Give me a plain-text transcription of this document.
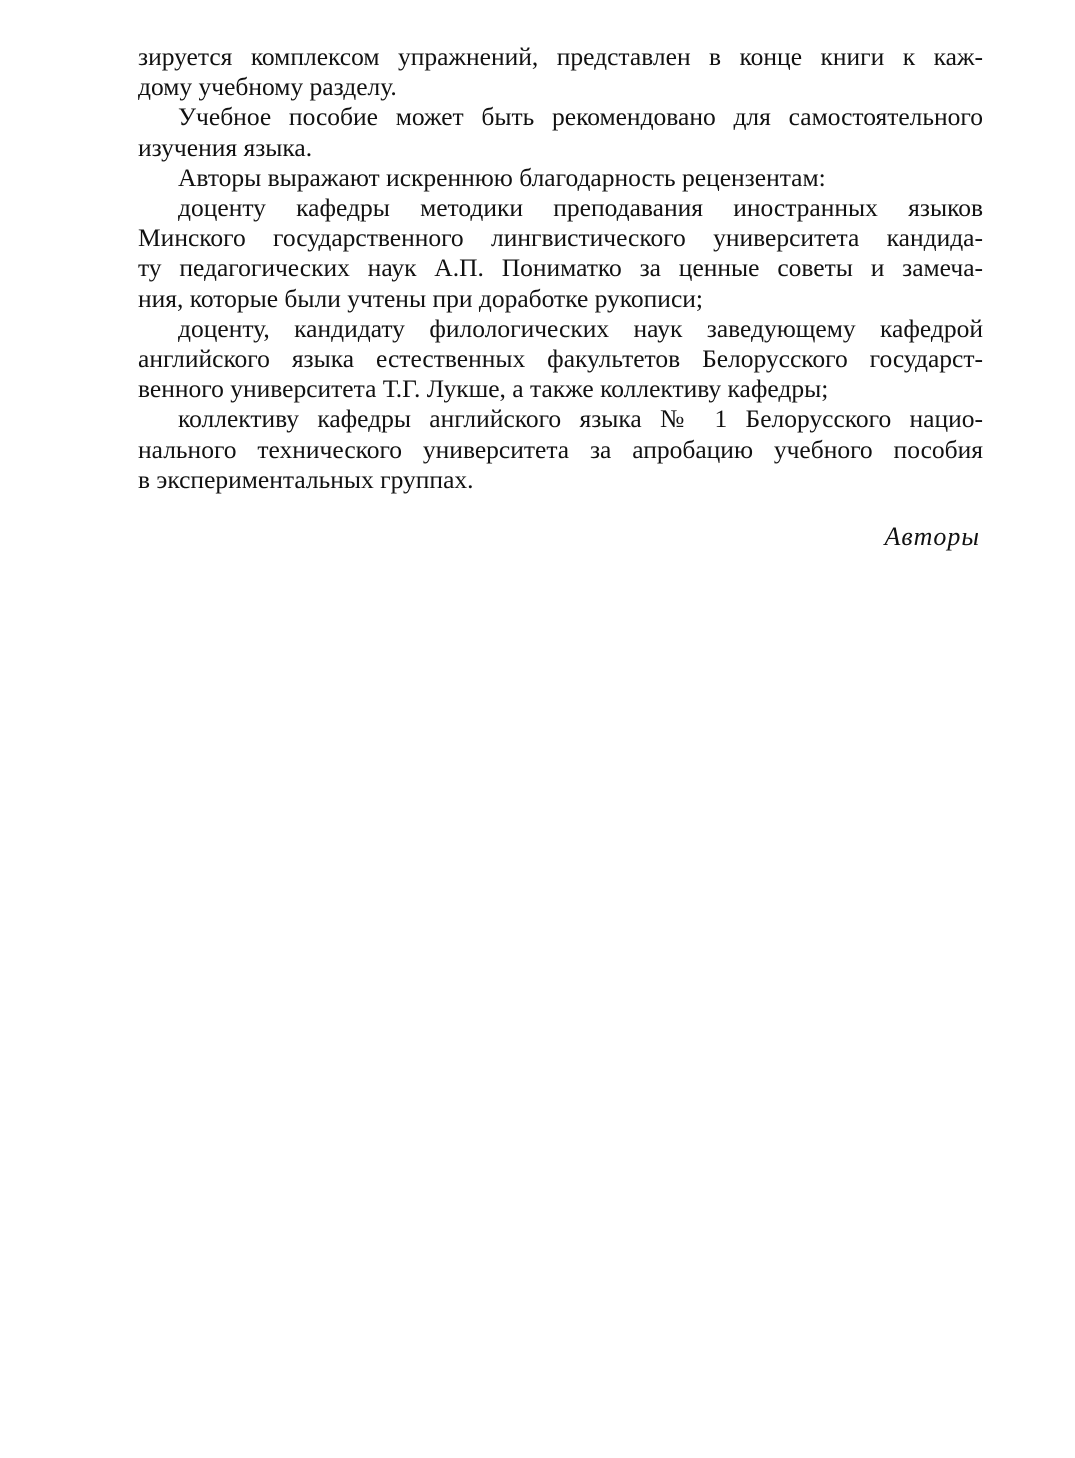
зируется комплексом упражнений, представлен в конце книги к каж-
дому учебному разделу.
Учебное пособие может быть рекомендовано для самостоятельного
изучения языка.
Авторы выражают искреннюю благодарность рецензентам:
доценту кафедры методики преподавания иностранных языков
Минского государственного лингвистического университета кандида-
ту педагогических наук А.П. Пониматко за ценные советы и замеча-
ния, которые были учтены при доработке рукописи;
доценту, кандидату филологических наук заведующему кафедрой
английского языка естественных факультетов Белорусского государст-
венного университета Т.Г. Лукше, а также коллективу кафедры;
коллективу кафедры английского языка № 1 Белорусского нацио-
нального технического университета за апробацию учебного пособия
в экспериментальных группах.
Авторы
